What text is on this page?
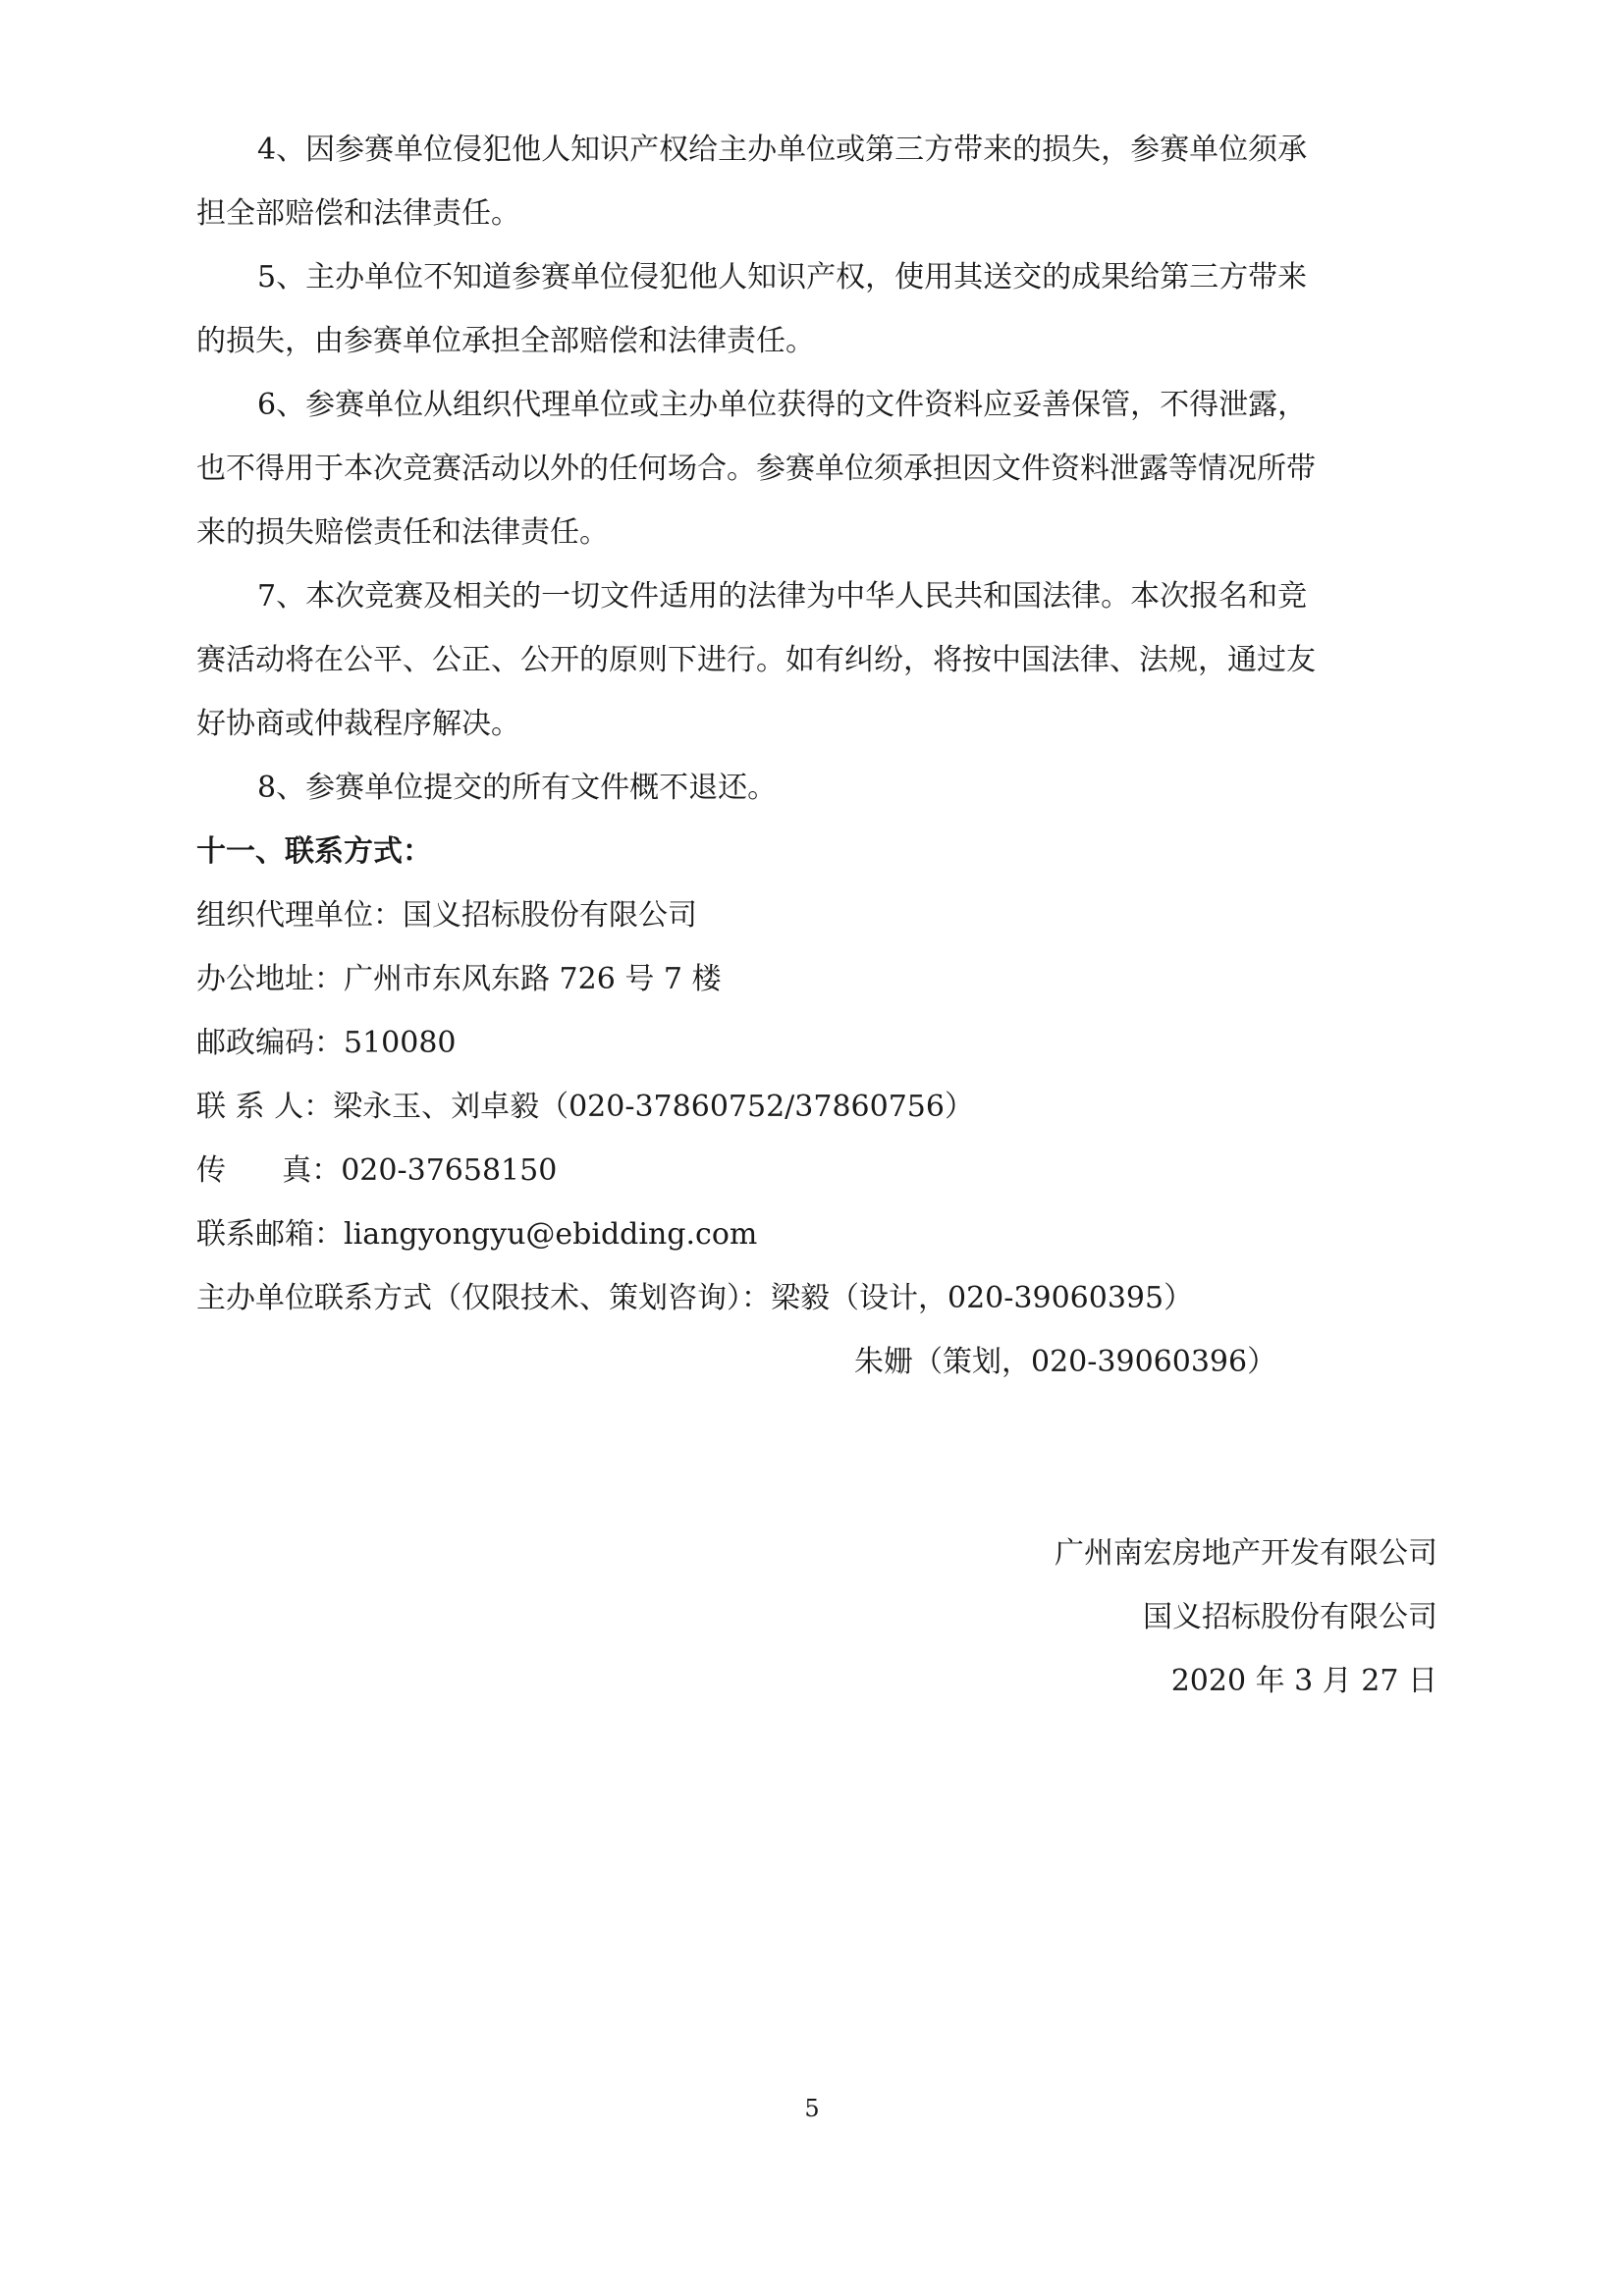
4、因参赛单位侵犯他人知识产权给主办单位或第三方带来的损失，参赛单位须承
担全部赔偿和法律责任。
5、主办单位不知道参赛单位侵犯他人知识产权，使用其送交的成果给第三方带来
的损失，由参赛单位承担全部赔偿和法律责任。
6、参赛单位从组织代理单位或主办单位获得的文件资料应妥善保管，不得泄露，
也不得用于本次竞赛活动以外的任何场合。参赛单位须承担因文件资料泄露等情况所带
来的损失赔偿责任和法律责任。
7、本次竞赛及相关的一切文件适用的法律为中华人民共和国法律。本次报名和竞
赛活动将在公平、公正、公开的原则下进行。如有纠纷，将按中国法律、法规，通过友
好协商或仲裁程序解决。
8、参赛单位提交的所有文件概不退还。
十一、联系方式：
组织代理单位：国义招标股份有限公司
办公地址：广州市东风东路 726 号 7 楼
邮政编码：510080
联 系 人：梁永玉、刘卓毅（020-37860752/37860756）
传      真：020-37658150
联系邮箱：liangyongyu@ebidding.com
主办单位联系方式（仅限技术、策划咨询）：梁毅（设计，020-39060395）
朱姗（策划，020-39060396）
广州南宏房地产开发有限公司
国义招标股份有限公司
2020 年 3 月 27 日
5
